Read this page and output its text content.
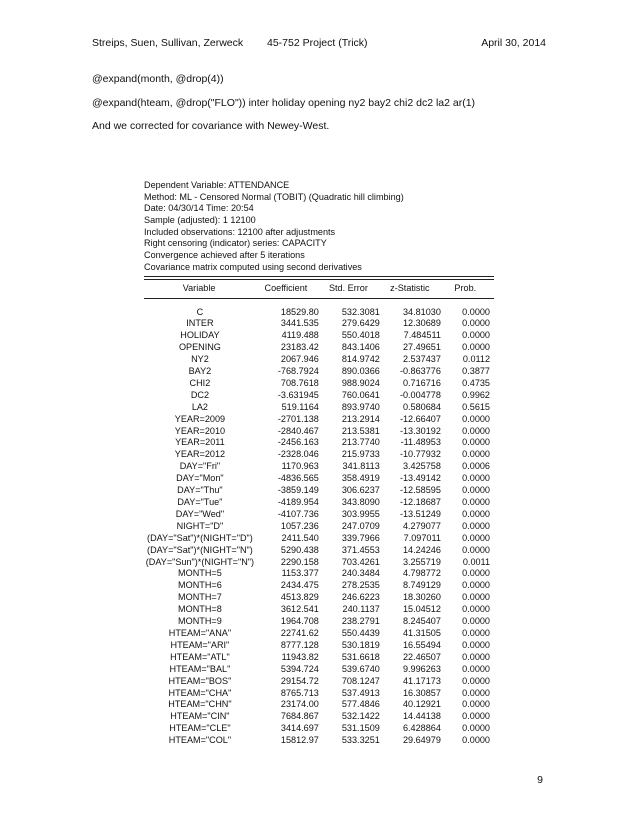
Streips, Suen, Sullivan, Zerweck 45-752 Project (Trick)	April 30, 2014
@expand(month, @drop(4))
@expand(hteam, @drop("FLO")) inter holiday opening ny2 bay2 chi2 dc2 la2 ar(1)
And we corrected for covariance with Newey-West.
Dependent Variable: ATTENDANCE
Method: ML - Censored Normal (TOBIT) (Quadratic hill climbing)
Date: 04/30/14 Time: 20:54
Sample (adjusted): 1 12100
Included observations: 12100 after adjustments
Right censoring (indicator) series: CAPACITY
Convergence achieved after 5 iterations
Covariance matrix computed using second derivatives
Variable	Coefficient	Std. Error	z-Statistic	Prob.

C	18529.80	532.3081	34.81030	0.0000
INTER	3441.535	279.6429	12.30689	0.0000
HOLIDAY	4119.488	550.4018	7.484511	0.0000
OPENING	23183.42	843.1406	27.49651	0.0000
NY2	2067.946	814.9742	2.537437	0.0112
BAY2	-768.7924	890.0366	-0.863776	0.3877
CHI2	708.7618	988.9024	0.716716	0.4735
DC2	-3.631945	760.0641	-0.004778	0.9962
LA2	519.1164	893.9740	0.580684	0.5615
YEAR=2009	-2701.138	213.2914	-12.66407	0.0000
YEAR=2010	-2840.467	213.5381	-13.30192	0.0000
YEAR=2011	-2456.163	213.7740	-11.48953	0.0000
YEAR=2012	-2328.046	215.9733	-10.77932	0.0000
DAY="Fri"	1170.963	341.8113	3.425758	0.0006
DAY="Mon"	-4836.565	358.4919	-13.49142	0.0000
DAY="Thu"	-3859.149	306.6237	-12.58595	0.0000
DAY="Tue"	-4189.954	343.8090	-12.18687	0.0000
DAY="Wed"	-4107.736	303.9955	-13.51249	0.0000
NIGHT="D"	1057.236	247.0709	4.279077	0.0000
(DAY="Sat")*(NIGHT="D")	2411.540	339.7966	7.097011	0.0000
(DAY="Sat")*(NIGHT="N")	5290.438	371.4553	14.24246	0.0000
(DAY="Sun")*(NIGHT="N")	2290.158	703.4261	3.255719	0.0011
MONTH=5	1153.377	240.3484	4.798772	0.0000
MONTH=6	2434.475	278.2535	8.749129	0.0000
MONTH=7	4513.829	246.6223	18.30260	0.0000
MONTH=8	3612.541	240.1137	15.04512	0.0000
MONTH=9	1964.708	238.2791	8.245407	0.0000
HTEAM="ANA"	22741.62	550.4439	41.31505	0.0000
HTEAM="ARI"	8777.128	530.1819	16.55494	0.0000
HTEAM="ATL"	11943.82	531.6618	22.46507	0.0000
HTEAM="BAL"	5394.724	539.6740	9.996263	0.0000
HTEAM="BOS"	29154.72	708.1247	41.17173	0.0000
HTEAM="CHA"	8765.713	537.4913	16.30857	0.0000
HTEAM="CHN"	23174.00	577.4846	40.12921	0.0000
HTEAM="CIN"	7684.867	532.1422	14.44138	0.0000
HTEAM="CLE"	3414.697	531.1509	6.428864	0.0000
HTEAM="COL"	15812.97	533.3251	29.64979	0.0000
9
